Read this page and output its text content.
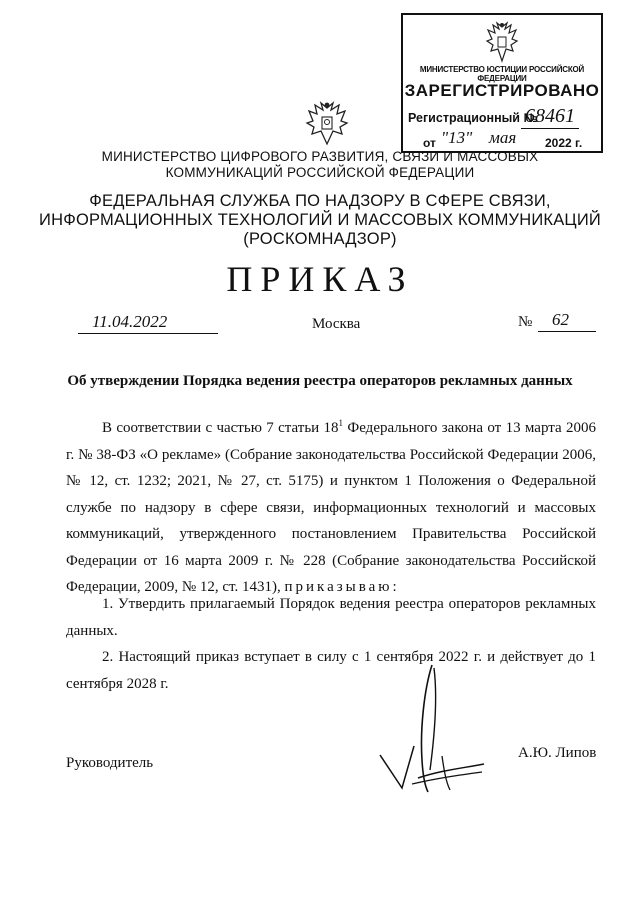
МИНИСТЕРСТВО ЮСТИЦИИ РОССИЙСКОЙ ФЕДЕРАЦИИ
ЗАРЕГИСТРИРОВАНО
Регистрационный №
68461
от "13" мая 2022 г.
МИНИСТЕРСТВО ЦИФРОВОГО РАЗВИТИЯ, СВЯЗИ И МАССОВЫХ
КОММУНИКАЦИЙ РОССИЙСКОЙ ФЕДЕРАЦИИ
ФЕДЕРАЛЬНАЯ СЛУЖБА ПО НАДЗОРУ В СФЕРЕ СВЯЗИ,
ИНФОРМАЦИОННЫХ ТЕХНОЛОГИЙ И МАССОВЫХ КОММУНИКАЦИЙ
(РОСКОМНАДЗОР)
ПРИКАЗ
11.04.2022	Москва	№	62
Об утверждении Порядка ведения реестра операторов рекламных данных
В соответствии с частью 7 статьи $18^1$ Федерального закона от 13 марта 2006 г. № 38-ФЗ «О рекламе» (Собрание законодательства Российской Федерации 2006, № 12, ст. 1232; 2021, № 27, ст. 5175) и пунктом 1 Положения о Федеральной службе по надзору в сфере связи, информационных технологий и массовых коммуникаций, утвержденного постановлением Правительства Российской Федерации от 16 марта 2009 г. № 228 (Собрание законодательства Российской Федерации, 2009, № 12, ст. 1431), приказываю:
1. Утвердить прилагаемый Порядок ведения реестра операторов рекламных данных.
2. Настоящий приказ вступает в силу с 1 сентября 2022 г. и действует до 1 сентября 2028 г.
Руководитель
А.Ю. Липов
